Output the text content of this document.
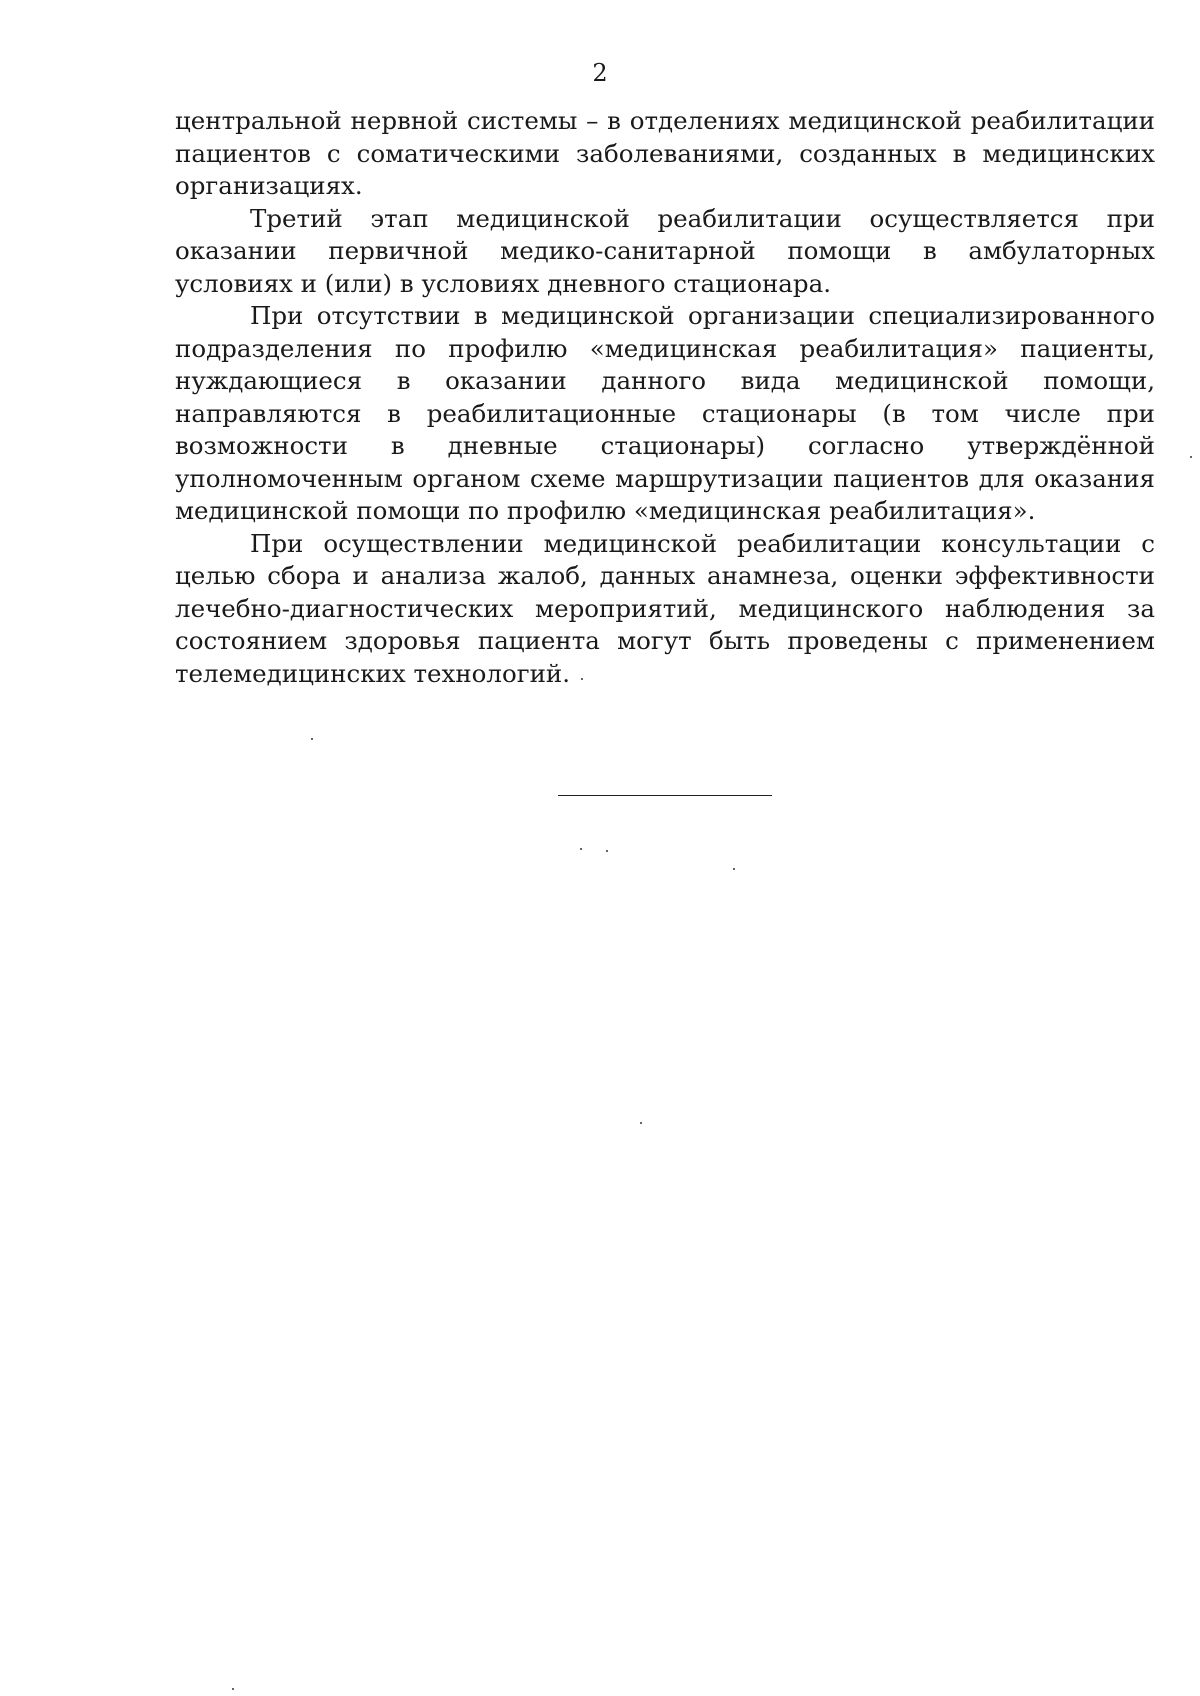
2

центральной нервной системы – в отделениях медицинской реабилитации пациентов с соматическими заболеваниями, созданных в медицинских организациях.

Третий этап медицинской реабилитации осуществляется при оказании первичной медико-санитарной помощи в амбулаторных условиях и (или) в условиях дневного стационара.

При отсутствии в медицинской организации специализированного подразделения по профилю «медицинская реабилитация» пациенты, нуждающиеся в оказании данного вида медицинской помощи, направляются в реабилитационные стационары (в том числе при возможности в дневные стационары) согласно утверждённой уполномоченным органом схеме маршрутизации пациентов для оказания медицинской помощи по профилю «медицинская реабилитация».

При осуществлении медицинской реабилитации консультации с целью сбора и анализа жалоб, данных анамнеза, оценки эффективности лечебно-диагностических мероприятий, медицинского наблюдения за состоянием здоровья пациента могут быть проведены с применением телемедицинских технологий.
